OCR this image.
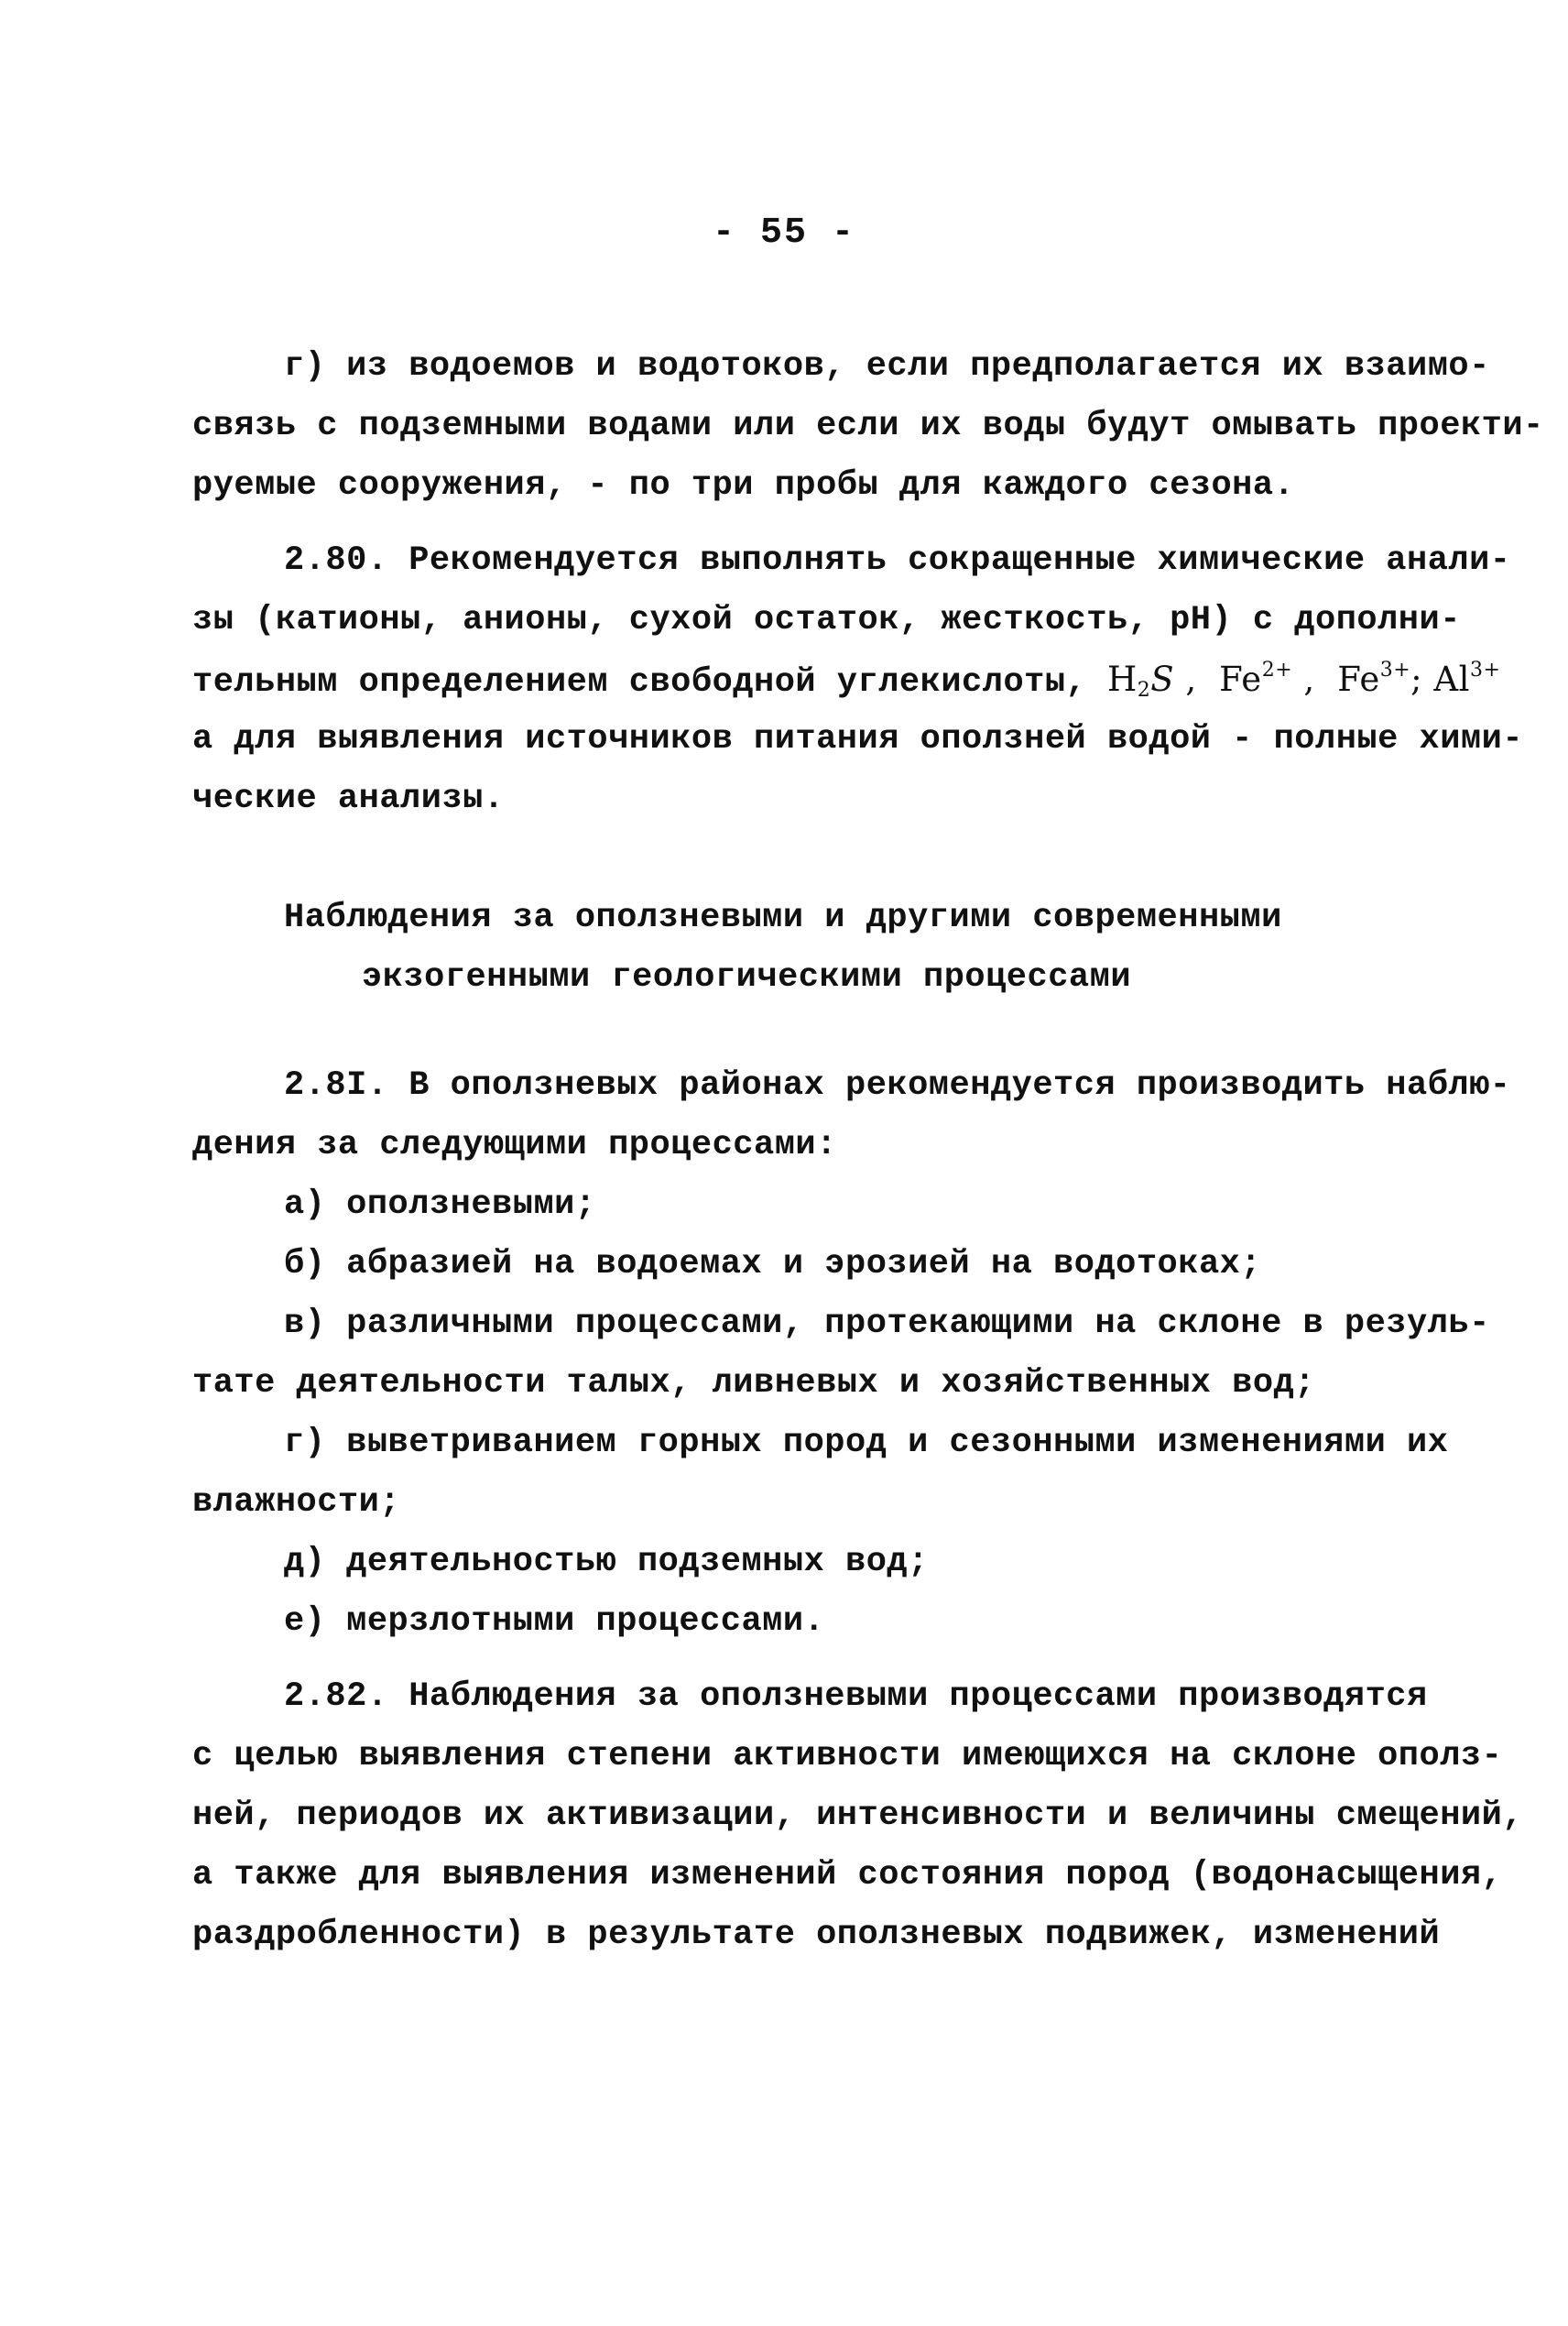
- 55 -
г) из водоемов и водотоков, если предполагается их взаимо-
связь с подземными водами или если их воды будут омывать проекти-
руемые сооружения, - по три пробы для каждого сезона.
2.80. Рекомендуется выполнять сокращенные химические анали-
зы (катионы, анионы, сухой остаток, жесткость, pH) с дополни-
тельным определением свободной углекислоты, $H_2S$ ,  $Fe^{2+}$ ,  $Fe^{3+}$; $Al^{3+}$
а для выявления источников питания оползней водой - полные хими-
ческие анализы.
Наблюдения за оползневыми и другими современными
экзогенными геологическими процессами
2.8I. В оползневых районах рекомендуется производить наблю-
дения за следующими процессами:
а) оползневыми;
б) абразией на водоемах и эрозией на водотоках;
в) различными процессами, протекающими на склоне в резуль-
тате деятельности талых, ливневых и хозяйственных вод;
г) выветриванием горных пород и сезонными изменениями их
влажности;
д) деятельностью подземных вод;
е) мерзлотными процессами.
2.82. Наблюдения за оползневыми процессами производятся
с целью выявления степени активности имеющихся на склоне ополз-
ней, периодов их активизации, интенсивности и величины смещений,
а также для выявления изменений состояния пород (водонасыщения,
раздробленности) в результате оползневых подвижек, изменений
